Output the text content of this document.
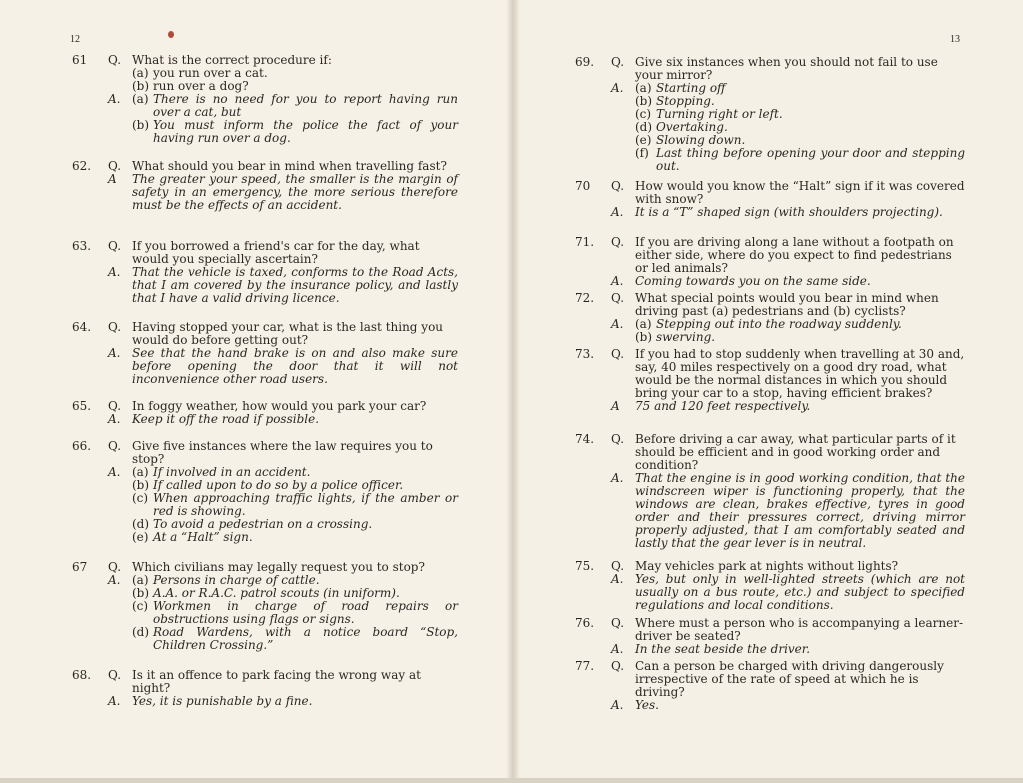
12
61	Q. What is the correct procedure if:
(a) you run over a cat.
(b) run over a dog?
A. (a) There is no need for you to report having run over a cat, but
(b) You must inform the police the fact of your having run over a dog.
62.	Q. What should you bear in mind when travelling fast?
A	The greater your speed, the smaller is the margin of safety in an emergency, the more serious therefore must be the effects of an accident.
63.	Q. If you borrowed a friend's car for the day, what would you specially ascertain?
A. That the vehicle is taxed, conforms to the Road Acts, that I am covered by the insurance policy, and lastly that I have a valid driving licence.
64.	Q. Having stopped your car, what is the last thing you would do before getting out?
A. See that the hand brake is on and also make sure before opening the door that it will not inconvenience other road users.
65.	Q. In foggy weather, how would you park your car?
A. Keep it off the road if possible.
66.	Q. Give five instances where the law requires you to stop?
A. (a) If involved in an accident.
(b) If called upon to do so by a police officer.
(c) When approaching traffic lights, if the amber or red is showing.
(d) To avoid a pedestrian on a crossing.
(e) At a “Halt” sign.
67	Q. Which civilians may legally request you to stop?
A. (a) Persons in charge of cattle.
(b) A.A. or R.A.C. patrol scouts (in uniform).
(c) Workmen in charge of road repairs or obstructions using flags or signs.
(d) Road Wardens, with a notice board “Stop, Children Crossing.”
68.	Q. Is it an offence to park facing the wrong way at night?
A. Yes, it is punishable by a fine.
13
69.	Q. Give six instances when you should not fail to use your mirror?
A. (a) Starting off
(b) Stopping.
(c) Turning right or left.
(d) Overtaking.
(e) Slowing down.
(f) Last thing before opening your door and stepping out.
70	Q. How would you know the “Halt” sign if it was covered with snow?
A. It is a “T” shaped sign (with shoulders projecting).
71.	Q. If you are driving along a lane without a footpath on either side, where do you expect to find pedestrians or led animals?
A. Coming towards you on the same side.
72.	Q. What special points would you bear in mind when driving past (a) pedestrians and (b) cyclists?
A. (a) Stepping out into the roadway suddenly.
(b) swerving.
73.	Q. If you had to stop suddenly when travelling at 30 and, say, 40 miles respectively on a good dry road, what would be the normal distances in which you should bring your car to a stop, having efficient brakes?
A	75 and 120 feet respectively.
74.	Q. Before driving a car away, what particular parts of it should be efficient and in good working order and condition?
A. That the engine is in good working condition, that the windscreen wiper is functioning properly, that the windows are clean, brakes effective, tyres in good order and their pressures correct, driving mirror properly adjusted, that I am comfortably seated and lastly that the gear lever is in neutral.
75.	Q. May vehicles park at nights without lights?
A. Yes, but only in well-lighted streets (which are not usually on a bus route, etc.) and subject to specified regulations and local conditions.
76.	Q. Where must a person who is accompanying a learner-driver be seated?
A. In the seat beside the driver.
77.	Q. Can a person be charged with driving dangerously irrespective of the rate of speed at which he is driving?
A. Yes.
